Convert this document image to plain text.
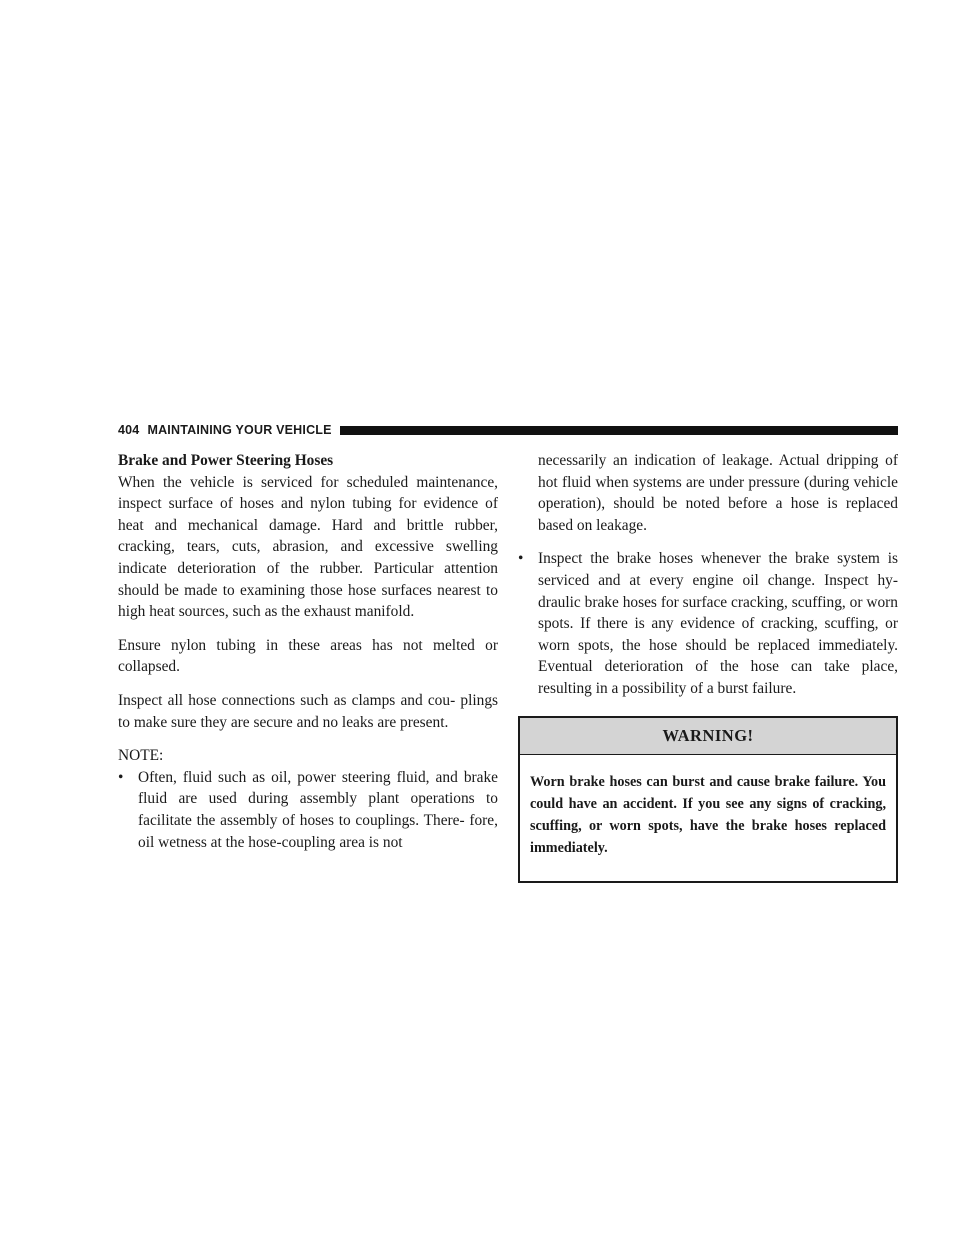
404 MAINTAINING YOUR VEHICLE

Brake and Power Steering Hoses

When the vehicle is serviced for scheduled maintenance, inspect surface of hoses and nylon tubing for evidence of heat and mechanical damage. Hard and brittle rubber, cracking, tears, cuts, abrasion, and excessive swelling indicate deterioration of the rubber. Particular attention should be made to examining those hose surfaces nearest to high heat sources, such as the exhaust manifold.

Ensure nylon tubing in these areas has not melted or collapsed.

Inspect all hose connections such as clamps and cou- plings to make sure they are secure and no leaks are present.

NOTE:

• Often, fluid such as oil, power steering fluid, and brake fluid are used during assembly plant operations to facilitate the assembly of hoses to couplings. There- fore, oil wetness at the hose-coupling area is not
necessarily an indication of leakage. Actual dripping of hot fluid when systems are under pressure (during vehicle operation), should be noted before a hose is replaced based on leakage.
• Inspect the brake hoses whenever the brake system is serviced and at every engine oil change. Inspect hy- draulic brake hoses for surface cracking, scuffing, or worn spots. If there is any evidence of cracking, scuffing, or worn spots, the hose should be replaced immediately. Eventual deterioration of the hose can take place, resulting in a possibility of a burst failure.
WARNING!
Worn brake hoses can burst and cause brake failure. You could have an accident. If you see any signs of cracking, scuffing, or worn spots, have the brake hoses replaced immediately.
